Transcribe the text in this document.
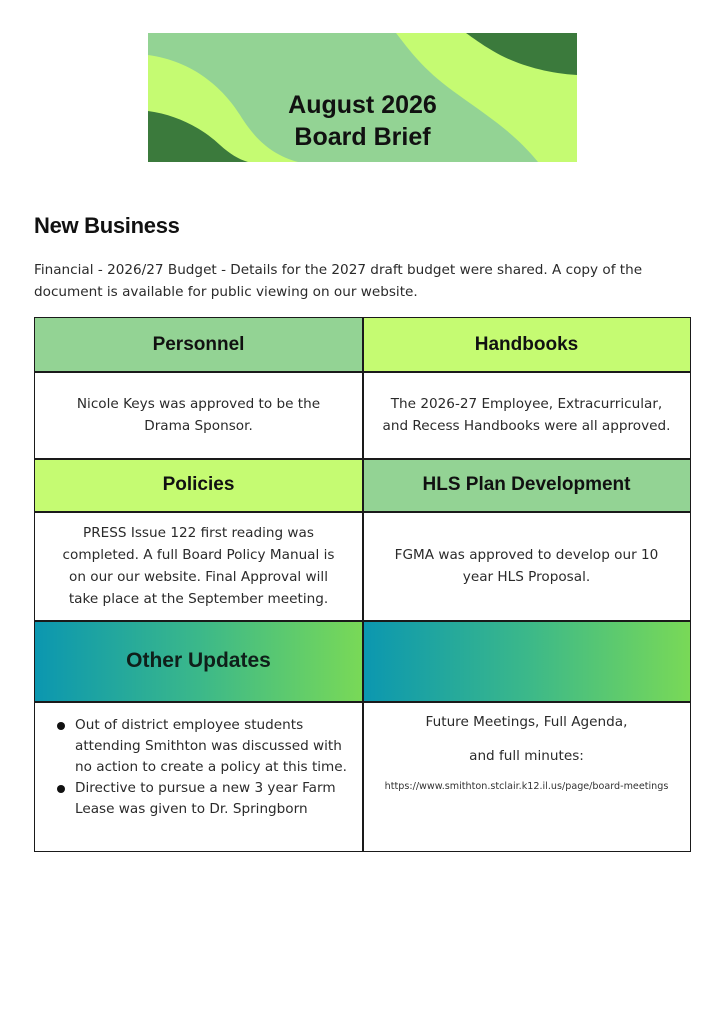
August 2026
Board Brief
New Business

Financial - 2026/27 Budget - Details for the 2027 draft budget were shared. A copy of the document is available for public viewing on our website.

Personnel	Handbooks
Nicole Keys was approved to be the Drama Sponsor.
The 2026-27 Employee, Extracurricular, and Recess Handbooks were all approved.
Policies	HLS Plan Development
PRESS Issue 122 first reading was completed. A full Board Policy Manual is on our our website. Final Approval will take place at the September meeting.
FGMA was approved to develop our 10 year HLS Proposal.
Other Updates
Out of district employee students attending Smithton was discussed with no action to create a policy at this time.
Directive to pursue a new 3 year Farm Lease was given to Dr. Springborn
Future Meetings, Full Agenda,
and full minutes:
https://www.smithton.stclair.k12.il.us/page/board-meetings
